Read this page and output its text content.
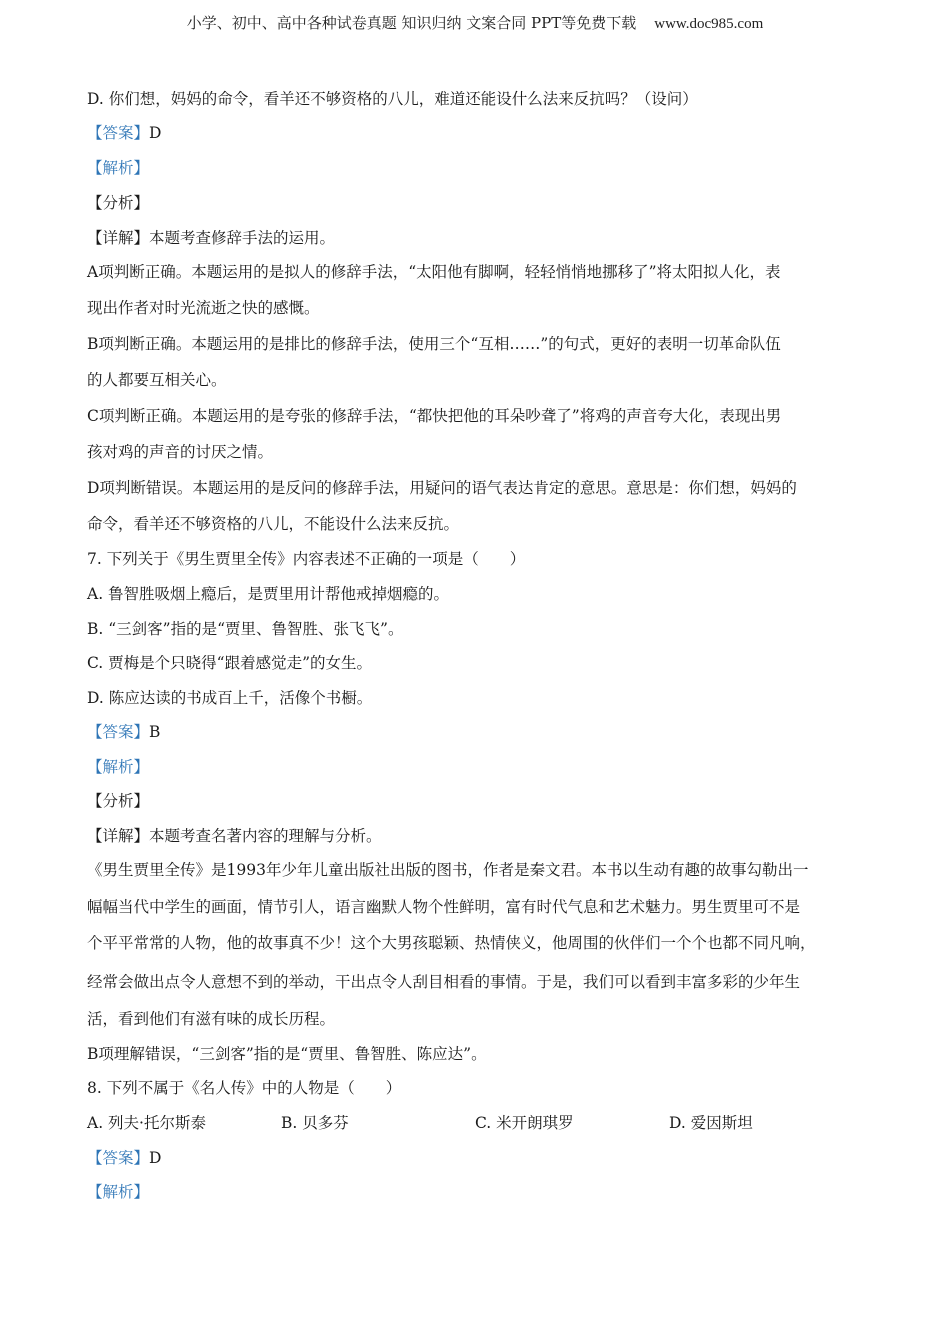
小学、初中、高中各种试卷真题 知识归纳 文案合同 PPT等免费下载 www.doc985.com
D. 你们想，妈妈的命令，看羊还不够资格的八儿，难道还能设什么法来反抗吗？（设问）
【答案】D
【解析】
【分析】
【详解】本题考查修辞手法的运用。
A项判断正确。本题运用的是拟人的修辞手法，“太阳他有脚啊，轻轻悄悄地挪移了”将太阳拟人化，表
现出作者对时光流逝之快的感慨。
B项判断正确。本题运用的是排比的修辞手法，使用三个“互相……”的句式，更好的表明一切革命队伍
的人都要互相关心。
C项判断正确。本题运用的是夸张的修辞手法，“都快把他的耳朵吵聋了”将鸡的声音夸大化，表现出男
孩对鸡的声音的讨厌之情。
D项判断错误。本题运用的是反问的修辞手法，用疑问的语气表达肯定的意思。意思是：你们想，妈妈的
命令，看羊还不够资格的八儿，不能设什么法来反抗。
7. 下列关于《男生贾里全传》内容表述不正确的一项是（　　）
A. 鲁智胜吸烟上瘾后，是贾里用计帮他戒掉烟瘾的。
B. “三剑客”指的是“贾里、鲁智胜、张飞飞”。
C. 贾梅是个只晓得“跟着感觉走”的女生。
D. 陈应达读的书成百上千，活像个书橱。
【答案】B
【解析】
【分析】
【详解】本题考查名著内容的理解与分析。
《男生贾里全传》是1993年少年儿童出版社出版的图书，作者是秦文君。本书以生动有趣的故事勾勒出一
幅幅当代中学生的画面，情节引人，语言幽默人物个性鲜明，富有时代气息和艺术魅力。男生贾里可不是
个平平常常的人物，他的故事真不少！这个大男孩聪颖、热情侠义，他周围的伙伴们一个个也都不同凡响，
经常会做出点令人意想不到的举动，干出点令人刮目相看的事情。于是，我们可以看到丰富多彩的少年生
活，看到他们有滋有味的成长历程。
B项理解错误，“三剑客”指的是“贾里、鲁智胜、陈应达”。
8. 下列不属于《名人传》中的人物是（　　）
A. 列夫·托尔斯泰	B. 贝多芬	C. 米开朗琪罗	D. 爱因斯坦
【答案】D
【解析】
